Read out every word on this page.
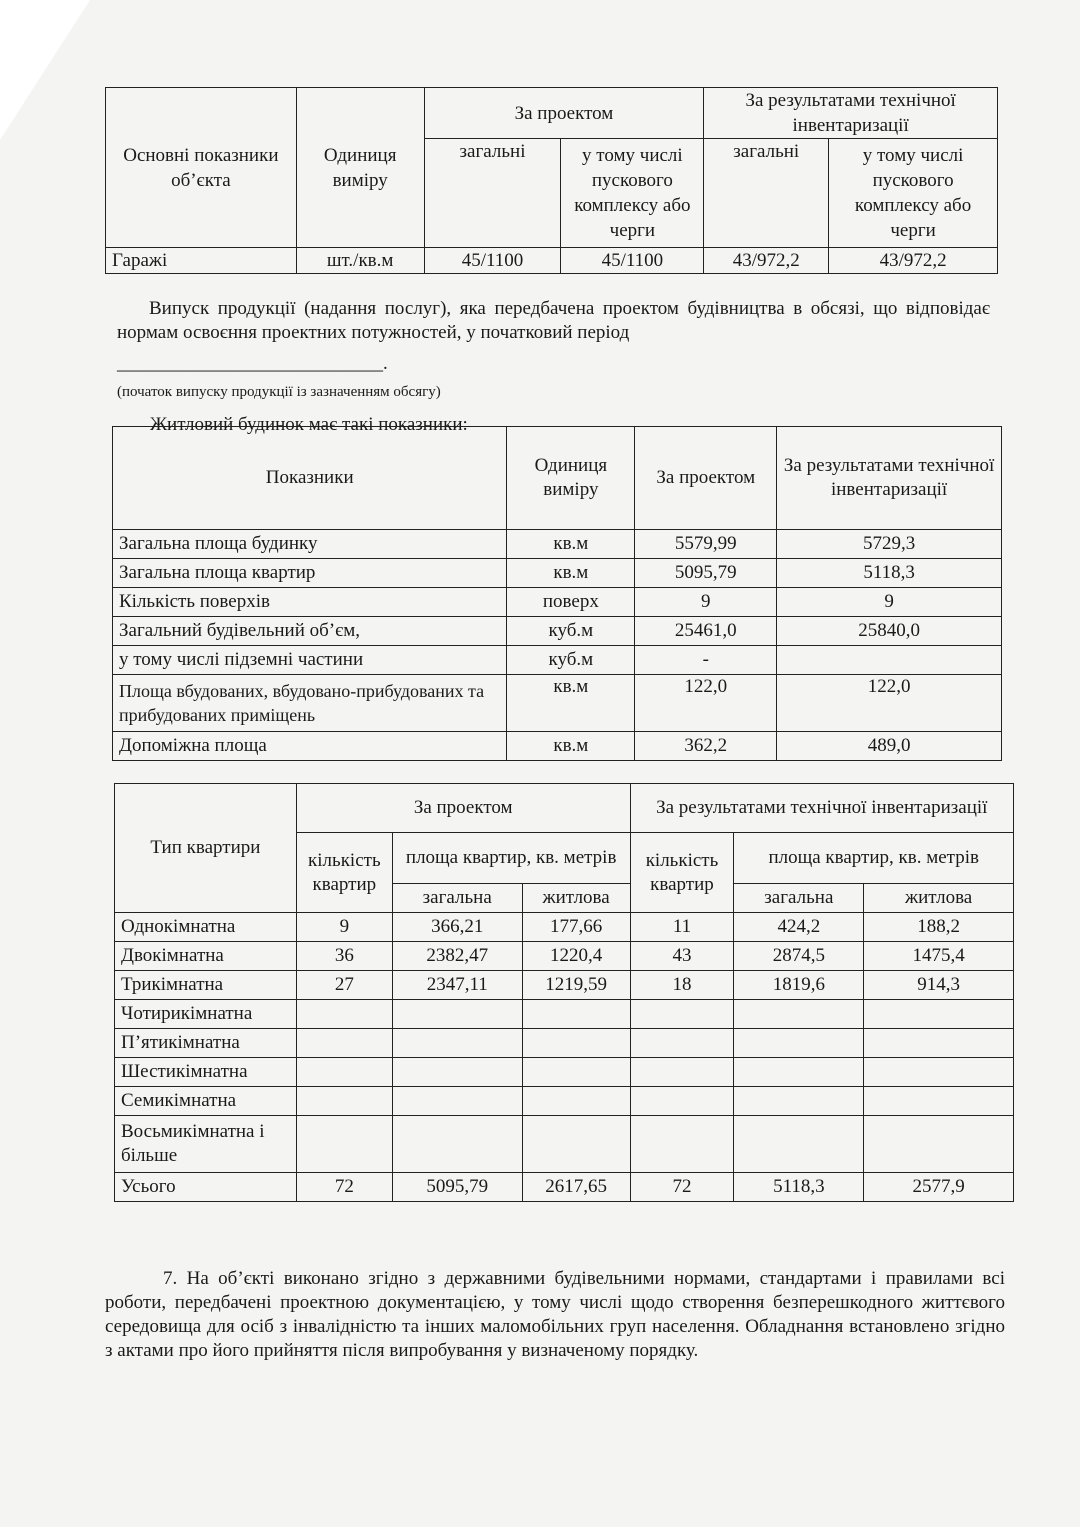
Основні показники об’єкта	Одиниця виміру	За проектом		За результатами технічної інвентаризації	
		загальні	у тому числі пускового комплексу або черги	загальні	у тому числі пускового комплексу або черги
Гаражі	шт./кв.м	45/1100	45/1100	43/972,2	43/972,2
Випуск продукції (надання послуг), яка передбачена проектом будівництва в обсязі, що відповідає нормам освоєння проектних потужностей, у початковий період
____________________________.
(початок випуску продукції із зазначенням обсягу)
Житловий будинок має такі показники:
Показники	Одиниця виміру	За проектом	За результатами технічної інвентаризації
Загальна площа будинку	кв.м	5579,99	5729,3
Загальна площа квартир	кв.м	5095,79	5118,3
Кількість поверхів	поверх	9	9
Загальний будівельний об’єм,	куб.м	25461,0	25840,0
у тому числі підземні частини	куб.м	-	
Площа вбудованих, вбудовано-прибудованих та прибудованих приміщень	кв.м	122,0	122,0
Допоміжна площа	кв.м	362,2	489,0
Тип квартири	За проектом			За результатами технічної інвентаризації		
	кількість квартир	площа квартир, кв. метрів		кількість квартир	площа квартир, кв. метрів	
		загальна	житлова		загальна	житлова
Однокімнатна	9	366,21	177,66	11	424,2	188,2
Двокімнатна	36	2382,47	1220,4	43	2874,5	1475,4
Трикімнатна	27	2347,11	1219,59	18	1819,6	914,3
Чотирикімнатна						
П’ятикімнатна						
Шестикімнатна						
Семикімнатна						
Восьмикімнатна і більше						
Усього	72	5095,79	2617,65	72	5118,3	2577,9
7. На об’єкті виконано згідно з державними будівельними нормами, стандартами і правилами всі роботи, передбачені проектною документацією, у тому числі щодо створення безперешкодного життєвого середовища для осіб з інвалідністю та інших маломобільних груп населення. Обладнання встановлено згідно з актами про його прийняття після випробування у визначеному порядку.
